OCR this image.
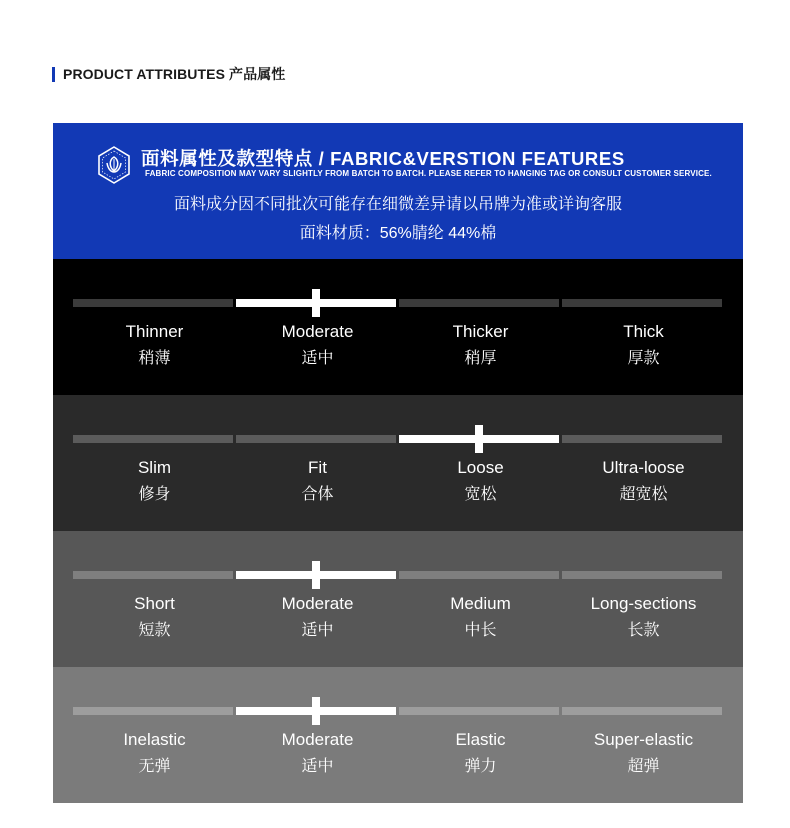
PRODUCT ATTRIBUTES 产品属性
面料属性及款型特点 / FABRIC&VERSTION FEATURES
FABRIC COMPOSITION MAY VARY SLIGHTLY FROM BATCH TO BATCH. PLEASE REFER TO HANGING TAG OR CONSULT CUSTOMER SERVICE.
面料成分因不同批次可能存在细微差异请以吊牌为准或详询客服
面料材质：56%腈纶 44%棉
Thinner
稍薄
Moderate
适中
Thicker
稍厚
Thick
厚款
Slim
修身
Fit
合体
Loose
宽松
Ultra-loose
超宽松
Short
短款
Moderate
适中
Medium
中长
Long-sections
长款
Inelastic
无弹
Moderate
适中
Elastic
弹力
Super-elastic
超弹
